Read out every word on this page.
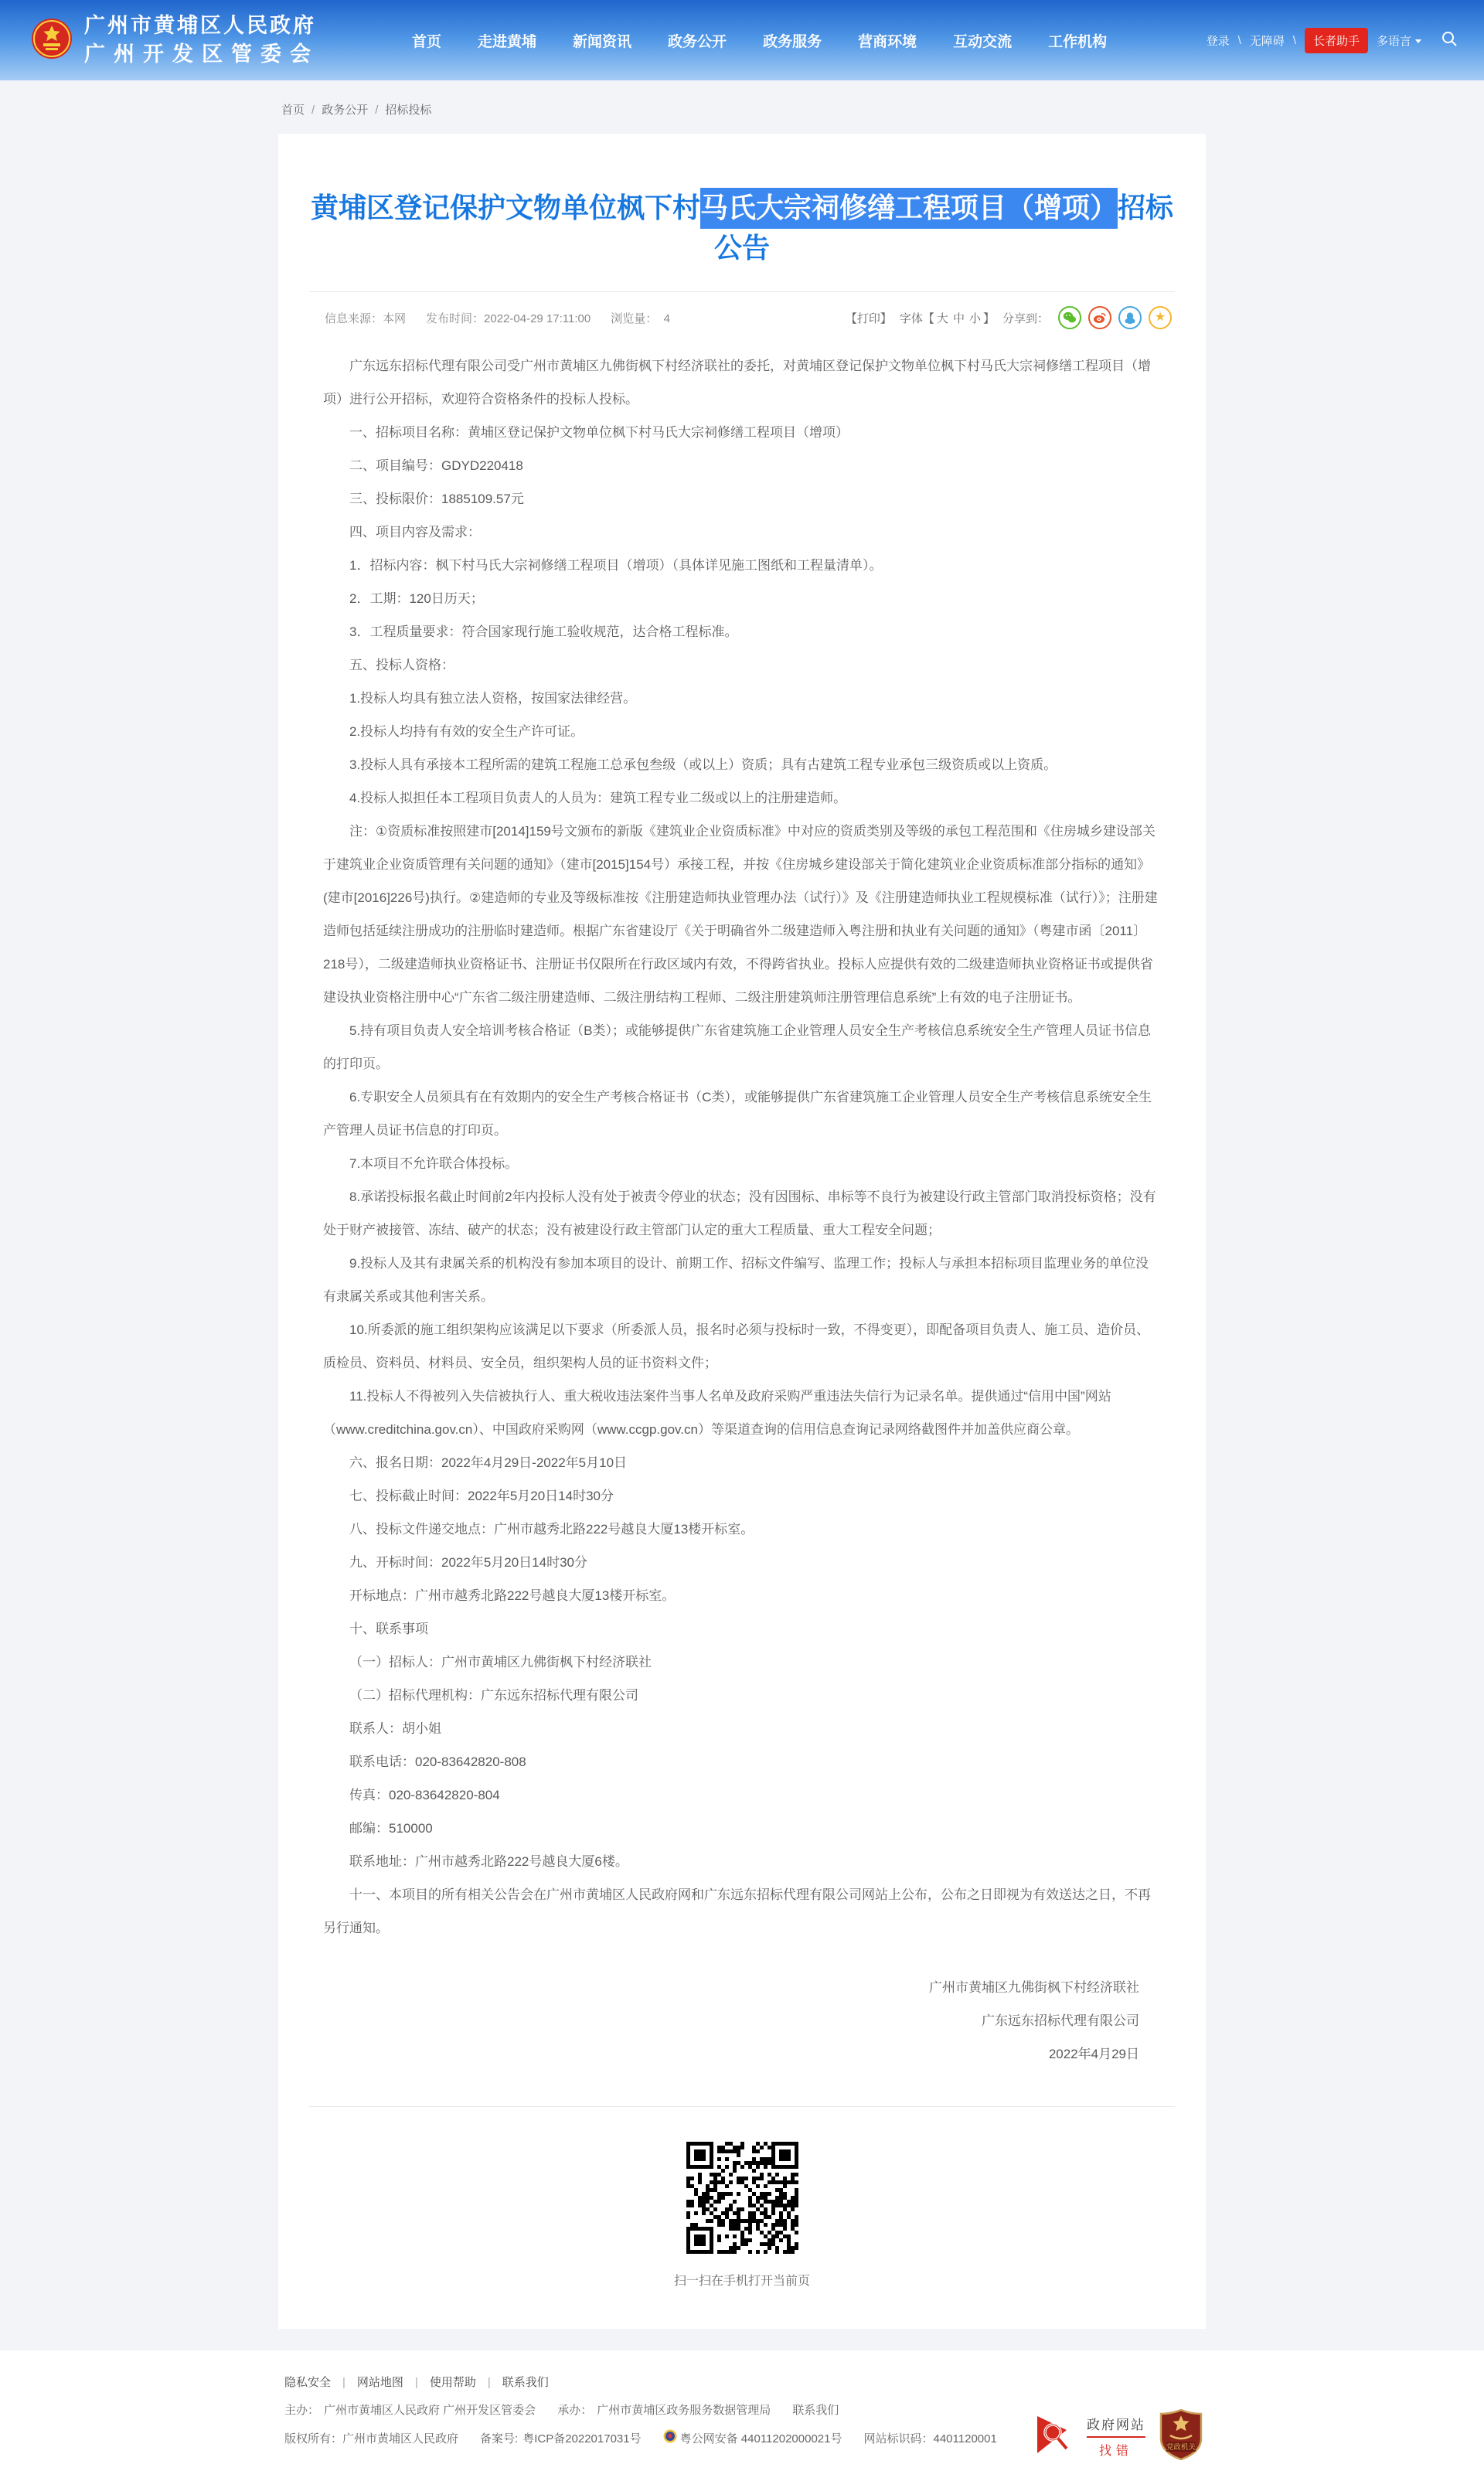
广州市黄埔区人民政府
广州开发区管委会
首页 走进黄埔 新闻资讯 政务公开 政务服务 营商环境 互动交流 工作机构	登录 \ 无障碍 \	长者助手	多语言
首页 / 政务公开 / 招标投标
黄埔区登记保护文物单位枫下村马氏大宗祠修缮工程项目（增项）招标公告
信息来源：本网 发布时间：2022-04-29 17:11:00 浏览量： 4	【打印】 字体【 大 中 小 】 分享到：	★

广东远东招标代理有限公司受广州市黄埔区九佛街枫下村经济联社的委托，对黄埔区登记保护文物单位枫下村马氏大宗祠修缮工程项目（增项）进行公开招标，欢迎符合资格条件的投标人投标。

一、招标项目名称：黄埔区登记保护文物单位枫下村马氏大宗祠修缮工程项目（增项）

二、项目编号：GDYD220418

三、投标限价：1885109.57元

四、项目内容及需求：

1．招标内容：枫下村马氏大宗祠修缮工程项目（增项）（具体详见施工图纸和工程量清单）。

2．工期：120日历天；

3．工程质量要求：符合国家现行施工验收规范，达合格工程标准。

五、投标人资格：

1.投标人均具有独立法人资格，按国家法律经营。

2.投标人均持有有效的安全生产许可证。

3.投标人具有承接本工程所需的建筑工程施工总承包叁级（或以上）资质；具有古建筑工程专业承包三级资质或以上资质。

4.投标人拟担任本工程项目负责人的人员为：建筑工程专业二级或以上的注册建造师。

注：①资质标准按照建市[2014]159号文颁布的新版《建筑业企业资质标准》中对应的资质类别及等级的承包工程范围和《住房城乡建设部关于建筑业企业资质管理有关问题的通知》（建市[2015]154号）承接工程，并按《住房城乡建设部关于简化建筑业企业资质标准部分指标的通知》(建市[2016]226号)执行。②建造师的专业及等级标准按《注册建造师执业管理办法（试行）》及《注册建造师执业工程规模标准（试行）》；注册建造师包括延续注册成功的注册临时建造师。根据广东省建设厅《关于明确省外二级建造师入粤注册和执业有关问题的通知》（粤建市函〔2011〕218号），二级建造师执业资格证书、注册证书仅限所在行政区域内有效，不得跨省执业。投标人应提供有效的二级建造师执业资格证书或提供省建设执业资格注册中心“广东省二级注册建造师、二级注册结构工程师、二级注册建筑师注册管理信息系统”上有效的电子注册证书。

5.持有项目负责人安全培训考核合格证（B类）；或能够提供广东省建筑施工企业管理人员安全生产考核信息系统安全生产管理人员证书信息的打印页。

6.专职安全人员须具有在有效期内的安全生产考核合格证书（C类），或能够提供广东省建筑施工企业管理人员安全生产考核信息系统安全生产管理人员证书信息的打印页。

7.本项目不允许联合体投标。

8.承诺投标报名截止时间前2年内投标人没有处于被责令停业的状态；没有因围标、串标等不良行为被建设行政主管部门取消投标资格；没有处于财产被接管、冻结、破产的状态；没有被建设行政主管部门认定的重大工程质量、重大工程安全问题；

9.投标人及其有隶属关系的机构没有参加本项目的设计、前期工作、招标文件编写、监理工作；投标人与承担本招标项目监理业务的单位没有隶属关系或其他利害关系。

10.所委派的施工组织架构应该满足以下要求（所委派人员，报名时必须与投标时一致，不得变更），即配备项目负责人、施工员、造价员、质检员、资料员、材料员、安全员，组织架构人员的证书资料文件；

11.投标人不得被列入失信被执行人、重大税收违法案件当事人名单及政府采购严重违法失信行为记录名单。提供通过“信用中国”网站（www.creditchina.gov.cn）、中国政府采购网（www.ccgp.gov.cn）等渠道查询的信用信息查询记录网络截图件并加盖供应商公章。

六、报名日期：2022年4月29日-2022年5月10日

七、投标截止时间：2022年5月20日14时30分

八、投标文件递交地点：广州市越秀北路222号越良大厦13楼开标室。

九、开标时间：2022年5月20日14时30分

开标地点：广州市越秀北路222号越良大厦13楼开标室。

十、联系事项

（一）招标人：广州市黄埔区九佛街枫下村经济联社

（二）招标代理机构：广东远东招标代理有限公司

联系人：胡小姐

联系电话：020-83642820-808

传真：020-83642820-804

邮编：510000

联系地址：广州市越秀北路222号越良大厦6楼。

十一、本项目的所有相关公告会在广州市黄埔区人民政府网和广东远东招标代理有限公司网站上公布，公布之日即视为有效送达之日，不再另行通知。

广州市黄埔区九佛街枫下村经济联社

广东远东招标代理有限公司

2022年4月29日

扫一扫在手机打开当前页
隐私安全 | 网站地图 | 使用帮助 | 联系我们
主办： 广州市黄埔区人民政府 广州开发区管委会 承办： 广州市黄埔区政务服务数据管理局 联系我们
版权所有：广州市黄埔区人民政府 备案号: 粤ICP备2022017031号	粤公网安备 44011202000021号 网站标识码：4401120001
政府网站
找错	党政机关
